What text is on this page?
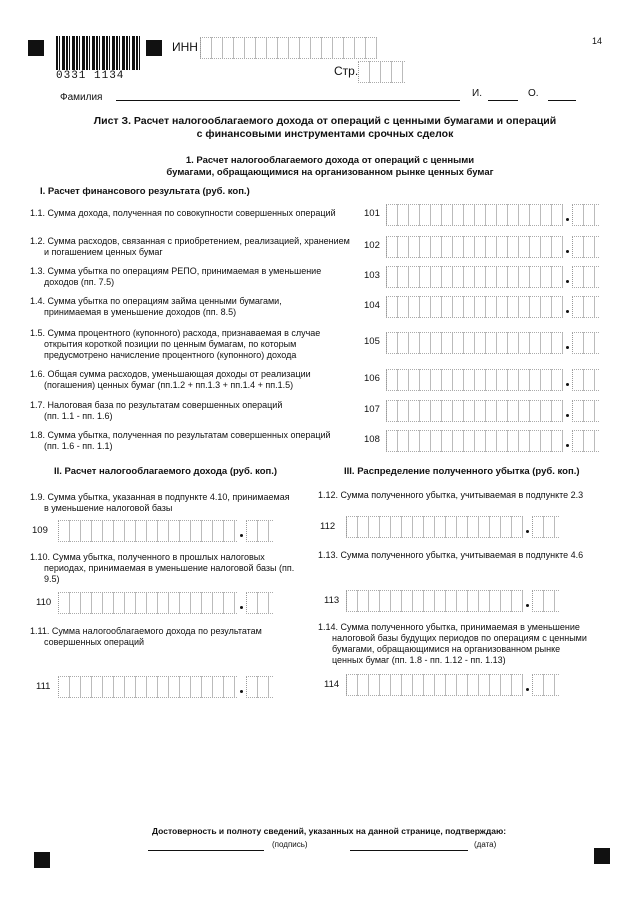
0331 1134
14
ИНН
Стр.
Фамилия	И.	О.
Лист З. Расчет налогооблагаемого дохода от операций с ценными бумагами и операций
с финансовыми инструментами срочных сделок
1. Расчет налогооблагаемого дохода от операций с ценными
бумагами, обращающимися на организованном рынке ценных бумаг
I. Расчет финансового результата (руб. коп.)
1.1. Сумма дохода, полученная по совокупности совершенных операций	101
1.2. Сумма расходов, связанная с приобретением, реализацией, хранением
и погашением ценных бумаг
102
1.3. Сумма убытка по операциям РЕПО, принимаемая в уменьшение
доходов (пп. 7.5)
103
1.4. Сумма убытка по операциям займа ценными бумагами,
принимаемая в уменьшение доходов (пп. 8.5)
104
1.5. Сумма процентного (купонного) расхода, признаваемая в случае
открытия короткой позиции по ценным бумагам, по которым
предусмотрено начисление процентного (купонного) дохода
105
1.6. Общая сумма расходов, уменьшающая доходы от реализации
(погашения) ценных бумаг (пп.1.2 + пп.1.3 + пп.1.4 + пп.1.5)
106
1.7. Налоговая база по результатам совершенных операций
(пп. 1.1 - пп. 1.6)
107
1.8. Сумма убытка, полученная по результатам совершенных операций
(пп. 1.6 - пп. 1.1)
108
II. Расчет налогооблагаемого дохода (руб. коп.)	III. Распределение полученного убытка (руб. коп.)
1.9. Сумма убытка, указанная в подпункте 4.10, принимаемая
в уменьшение налоговой базы
109
1.10. Сумма убытка, полученного в прошлых налоговых
периодах, принимаемая в уменьшение налоговой базы (пп.
9.5)
110
1.11. Сумма налогооблагаемого дохода по результатам
совершенных операций
111
1.12. Сумма полученного убытка, учитываемая в подпункте 2.3
112
1.13. Сумма полученного убытка, учитываемая в подпункте 4.6
113
1.14. Сумма полученного убытка, принимаемая в уменьшение
налоговой базы будущих периодов по операциям с ценными
бумагами, обращающимися на организованном рынке
ценных бумаг (пп. 1.8 - пп. 1.12 - пп. 1.13)
114
Достоверность и полноту сведений, указанных на данной странице, подтверждаю:
(подпись)	(дата)
